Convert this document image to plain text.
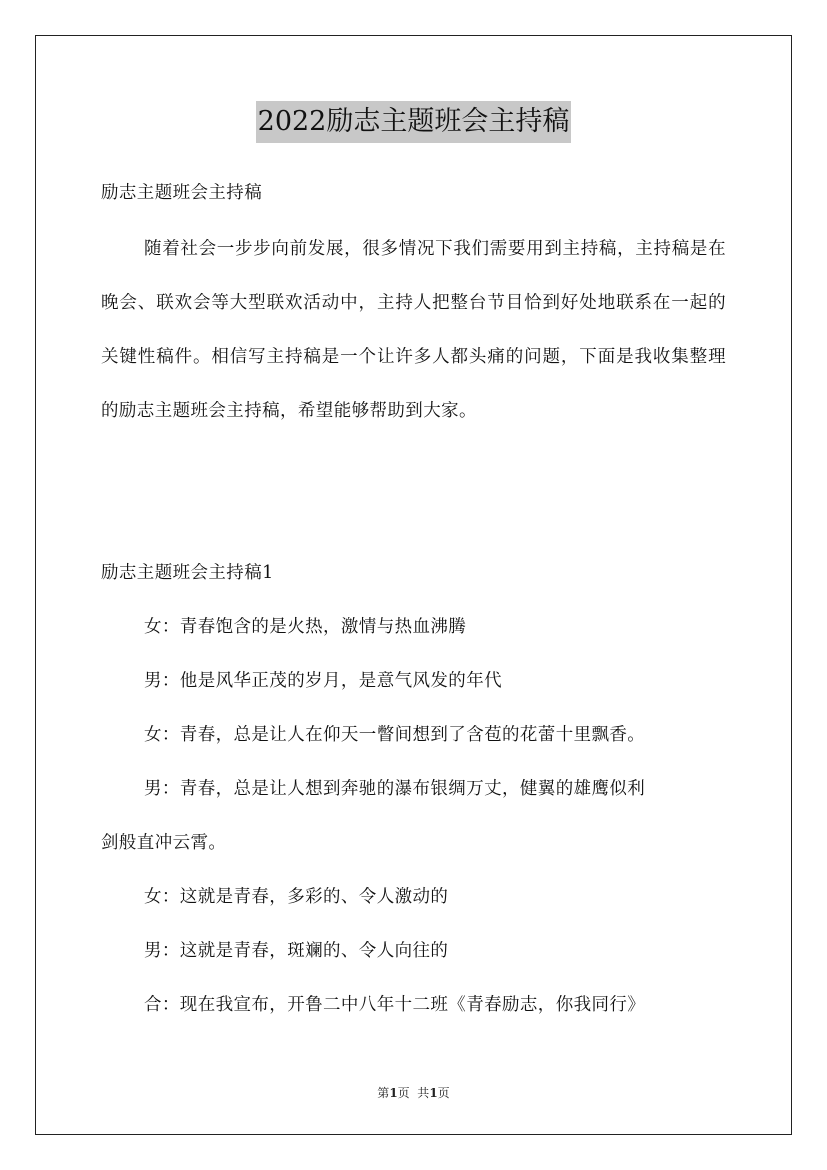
2022励志主题班会主持稿
励志主题班会主持稿
随着社会一步步向前发展，很多情况下我们需要用到主持稿，主持稿是在晚会、联欢会等大型联欢活动中，主持人把整台节目恰到好处地联系在一起的关键性稿件。相信写主持稿是一个让许多人都头痛的问题，下面是我收集整理的励志主题班会主持稿，希望能够帮助到大家。
励志主题班会主持稿1
女：青春饱含的是火热，激情与热血沸腾
男：他是风华正茂的岁月，是意气风发的年代
女：青春，总是让人在仰天一瞥间想到了含苞的花蕾十里飘香。
男：青春，总是让人想到奔驰的瀑布银绸万丈，健翼的雄鹰似利
剑般直冲云霄。
女：这就是青春，多彩的、令人激动的
男：这就是青春，斑斓的、令人向往的
合：现在我宣布，开鲁二中八年十二班《青春励志，你我同行》
第1页  共1页
